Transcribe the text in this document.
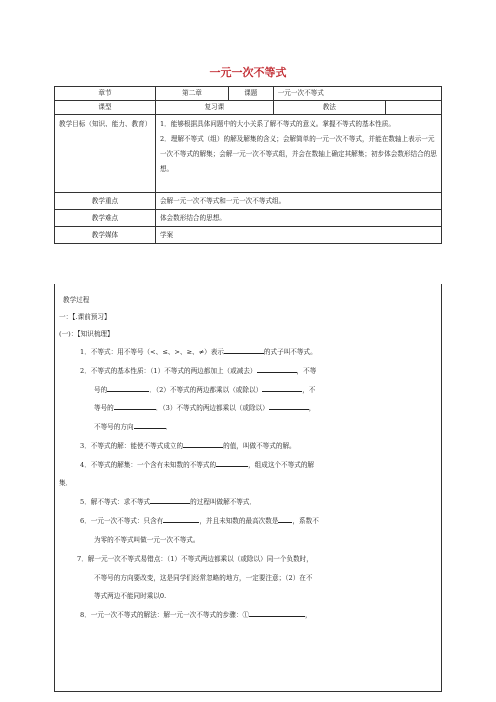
一元一次不等式
章节	第二章	课题	一元一次不等式	
课型	复习课		教法	
教学目标（知识、能力、教育）	1．能够根据具体问题中的大小关系了解不等式的意义。掌握不等式的基本性质。

2．理解不等式（组）的解及解集的含义；会解简单的一元一次不等式，并能在数轴上表示一元一次不等式的解集；会解一元一次不等式组，并会在数轴上确定其解集；初步体会数形结合的思想。			

教学重点	会解一元一次不等式和一元一次不等式组。			
教学难点	体会数形结合的思想。			
教学媒体	学案			
教学过程
一：【.课前预习】
(一)：【知识梳理】
1．不等式：用不等号（<、≤、>、≥、≠）表示	的式子叫不等式。
2．不等式的基本性质：（1）不等式的两边都加上（或减去）	，不等
号的	．（2）不等式的两边都乘以（或除以）	，不
等号的	．（3）不等式的两边都乘以（或除以）	，
不等号的方向	．
3．不等式的解：能使不等式成立的	的值，叫做不等式的解。
4．不等式的解集：一个含有未知数的不等式的	，组成这个不等式的解
集．
5．解不等式：求不等式	的过程叫做解不等式．
6．一元一次不等式：只含有	，并且未知数的最高次数是 ，系数不
为零的不等式叫做一元一次不等式。
7．解一元一次不等式易错点：（1）不等式两边都乘以（或除以）同一个负数时，
不等号的方向要改变，这是同学们经常忽略的地方，一定要注意；（2）在不
等式两边不能同时乘以0.
8．一元一次不等式的解法：解一元一次不等式的步骤：①	，
